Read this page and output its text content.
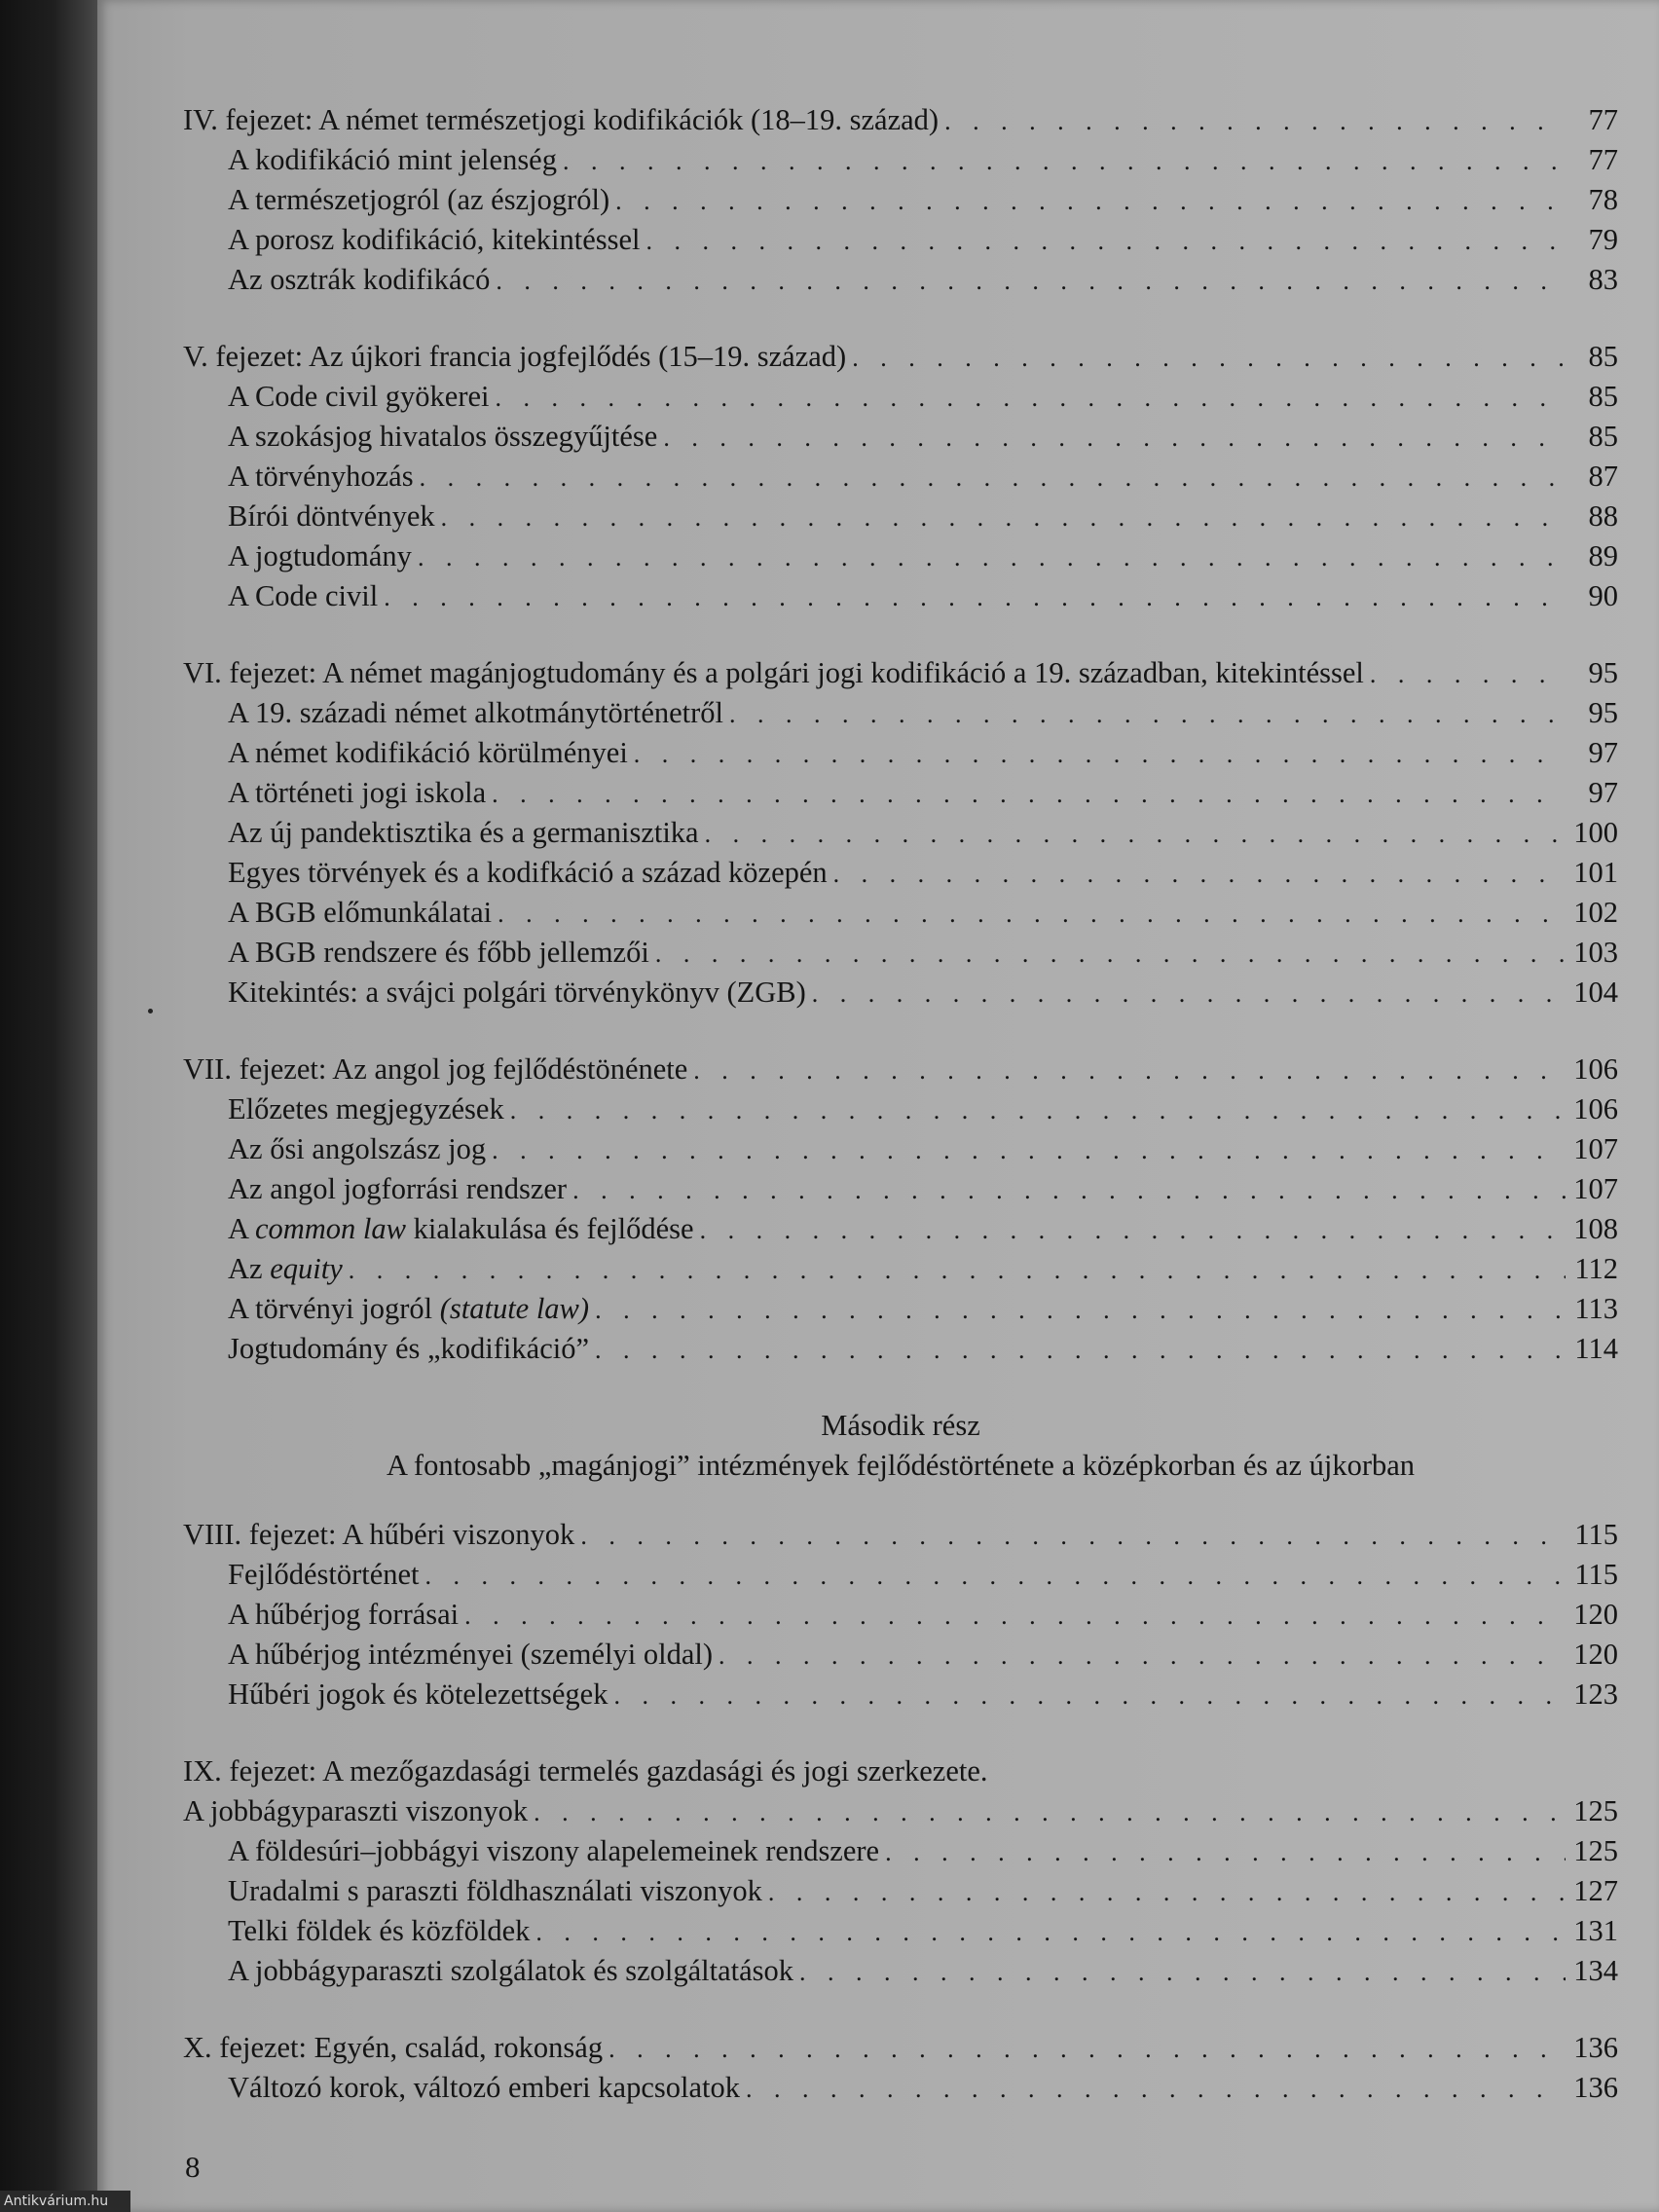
IV. fejezet: A német természetjogi kodifikációk (18–19. század) . . .	77
A kodifikáció mint jelenség . . .	77
A természetjogról (az észjogról) . . .	78
A porosz kodifikáció, kitekintéssel . . .	79
Az osztrák kodifikácó . . .	83
V. fejezet: Az újkori francia jogfejlődés (15–19. század) . . .	85
A Code civil gyökerei . . .	85
A szokásjog hivatalos összegyűjtése . . .	85
A törvényhozás . . .	87
Bírói döntvények . . .	88
A jogtudomány . . .	89
A Code civil . . .	90
VI. fejezet: A német magánjogtudomány és a polgári jogi kodifikáció a 19. században, kitekintéssel . . .	95
A 19. századi német alkotmánytörténetről . . .	95
A német kodifikáció körülményei . . .	97
A történeti jogi iskola . . .	97
Az új pandektisztika és a germanisztika . . .	100
Egyes törvények és a kodifkáció a század közepén . . .	101
A BGB előmunkálatai . . .	102
A BGB rendszere és főbb jellemzői . . .	103
Kitekintés: a svájci polgári törvénykönyv (ZGB) . . .	104
VII. fejezet: Az angol jog fejlődéstönénete . . .	106
Előzetes megjegyzések . . .	106
Az ősi angolszász jog . . .	107
Az angol jogforrási rendszer . . .	107
A common law kialakulása és fejlődése . . .	108
Az equity . . .	112
A törvényi jogról (statute law) . . .	113
Jogtudomány és „kodifikáció” . . .	114
Második rész
A fontosabb „magánjogi” intézmények fejlődéstörténete a középkorban és az újkorban
VIII. fejezet: A hűbéri viszonyok . . .	115
Fejlődéstörténet . . .	115
A hűbérjog forrásai . . .	120
A hűbérjog intézményei (személyi oldal) . . .	120
Hűbéri jogok és kötelezettségek . . .	123
IX. fejezet: A mezőgazdasági termelés gazdasági és jogi szerkezete.
A jobbágyparaszti viszonyok . . .	125
A földesúri–jobbágyi viszony alapelemeinek rendszere . . .	125
Uradalmi s paraszti földhasználati viszonyok . . .	127
Telki földek és közföldek . . .	131
A jobbágyparaszti szolgálatok és szolgáltatások . . .	134
X. fejezet: Egyén, család, rokonság . . .	136
Változó korok, változó emberi kapcsolatok . . .	136
8
Antikvárium.hu
